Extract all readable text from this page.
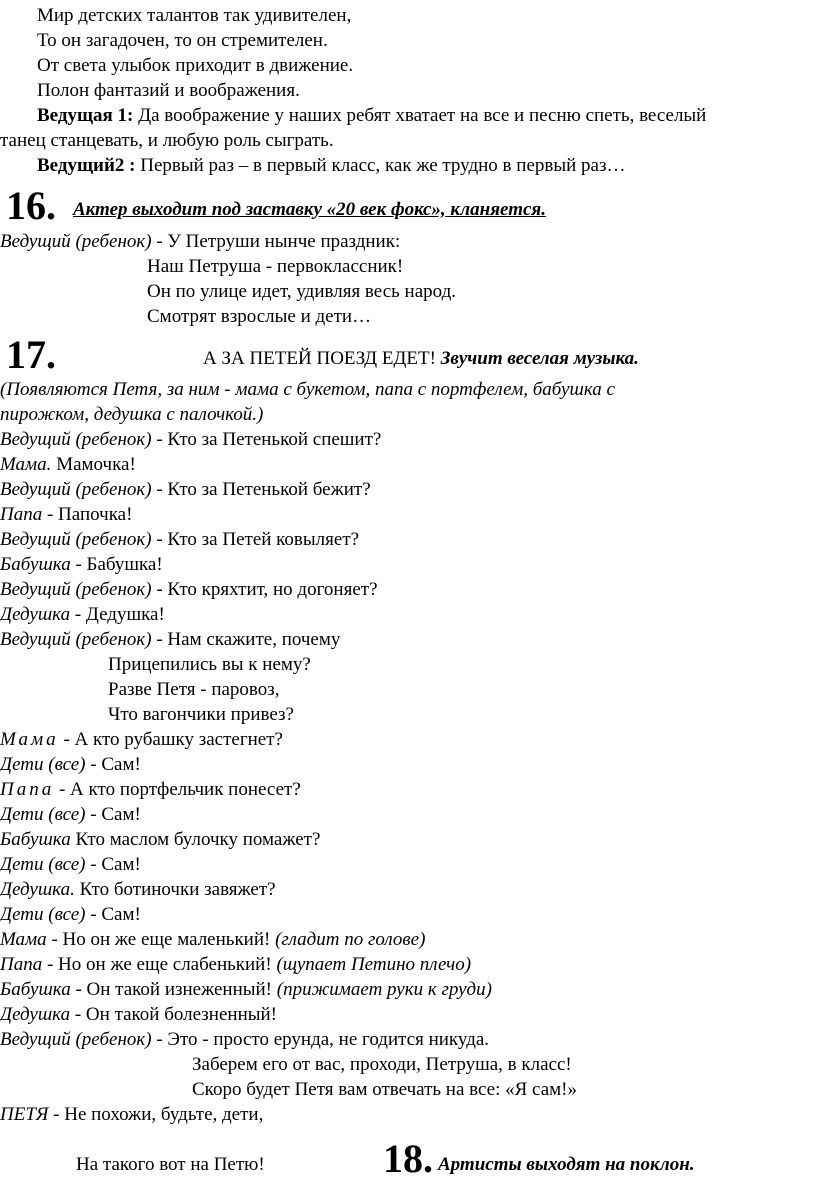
Мир детских талантов так удивителен,
То он загадочен, то он стремителен.
От света улыбок приходит в движение.
Полон фантазий и воображения.
Ведущая 1: Да воображение у наших ребят хватает на все и песню спеть, веселый
танец станцевать, и любую роль сыграть.
Ведущий2 : Первый раз – в первый класс, как же трудно в первый раз…
16. Актер выходит под заставку «20 век фокс», кланяется.
Ведущий (ребенок) - У Петруши нынче праздник:
Наш Петруша - первоклассник!
Он по улице идет, удивляя весь народ.
Смотрят взрослые и дети…
17.	А ЗА ПЕТЕЙ ПОЕЗД ЕДЕТ! Звучит веселая музыка.
(Появляются Петя, за ним - мама с букетом, папа с портфелем, бабушка с
пирожком, дедушка с палочкой.)
Ведущий (ребенок) - Кто за Петенькой спешит?
Мама. Мамочка!
Ведущий (ребенок) - Кто за Петенькой бежит?
Папа - Папочка!
Ведущий (ребенок) - Кто за Петей ковыляет?
Бабушка - Бабушка!
Ведущий (ребенок) - Кто кряхтит, но догоняет?
Дедушка - Дедушка!
Ведущий (ребенок) - Нам скажите, почему
Прицепились вы к нему?
Разве Петя - паровоз,
Что вагончики привез?
Мама - А кто рубашку застегнет?
Дети (все) - Сам!
Папа - А кто портфельчик понесет?
Дети (все) - Сам!
Бабушка Кто маслом булочку помажет?
Дети (все) - Сам!
Дедушка. Кто ботиночки завяжет?
Дети (все) - Сам!
Мама - Но он же еще маленький! (гладит по голове)
Папа - Но он же еще слабенький! (щупает Петино плечо)
Бабушка - Он такой изнеженный! (прижимает руки к груди)
Дедушка - Он такой болезненный!
Ведущий (ребенок) - Это - просто ерунда, не годится никуда.
Заберем его от вас, проходи, Петруша, в класс!
Скоро будет Петя вам отвечать на все: «Я сам!»
ПЕТЯ - Не похожи, будьте, дети,
На такого вот на Петю!	18. Артисты выходят на поклон.
